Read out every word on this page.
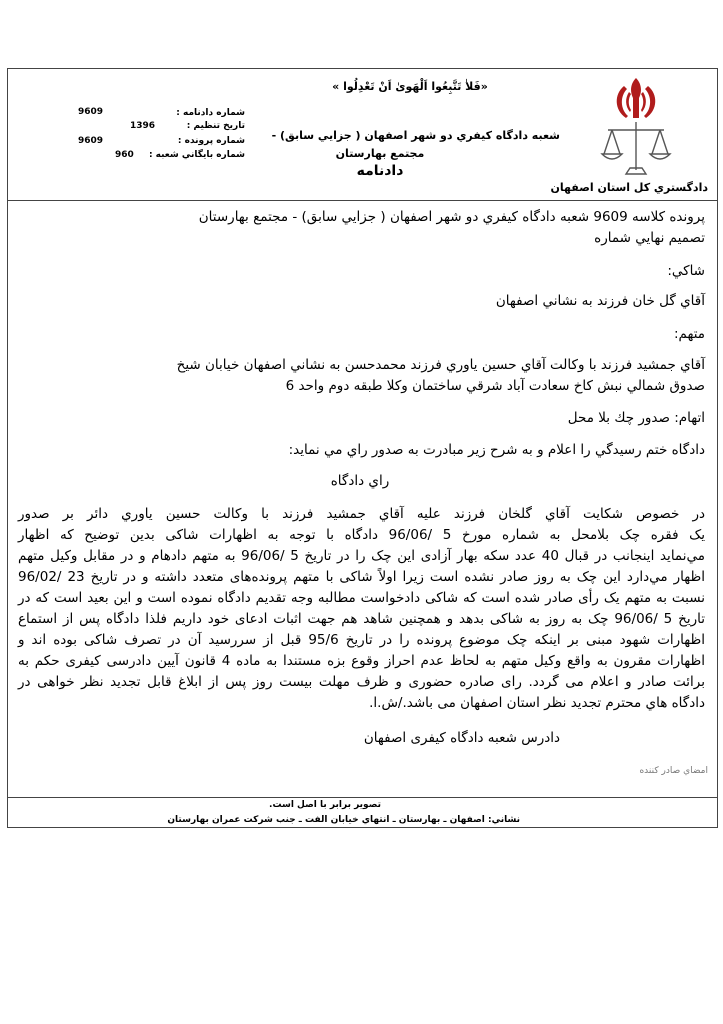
دادگستري كل استان اصفهان
«فَلاٰ تَتَّبِعُوا اَلْهَوىٰ اَنْ تَعْدِلُوا »
شعبه دادگاه كيفري دو شهر اصفهان ( جزايي سابق) -
مجتمع بهارستان
دادنامه
شماره دادنامه :
9609
تاريخ تنظيم :
1396
شماره پرونده :
9609
شماره بايگاني شعبه :
960
پرونده كلاسه 9609 شعبه دادگاه كيفري دو شهر اصفهان ( جزايي سابق) - مجتمع بهارستان
تصميم نهايي شماره
شاكي:
آقاي گل خان فرزند به نشاني اصفهان
متهم:
آقاي جمشيد فرزند با وكالت آقاي حسين ياوري فرزند محمدحسن به نشاني اصفهان خيابان شيخ
صدوق شمالي نبش كاخ سعادت آباد شرقي ساختمان وكلا طبقه دوم واحد 6
اتهام: صدور چك بلا محل
دادگاه ختم رسيدگي را اعلام و به شرح زير مبادرت به صدور راي مي نمايد:
راي دادگاه
در خصوص شكايت آقاي گلخان فرزند عليه آقاي جمشيد فرزند با وكالت حسين ياوري دائر بر صدور
يک فقره چک بلامحل به شماره مورخ 5 /96/06 دادگاه با توجه به اظهارات شاکی بدين توضيح که اظهار
مي‌نمايد اينجانب در قبال 40 عدد سکه بهار آزادی اين چک را در تاريخ 5 /96/06 به متهم دادهام و در مقابل وکيل متهم
اظهار مي‌دارد اين چک به روز صادر نشده است زيرا اولاً شاکی با متهم پرونده‌های متعدد داشته و در تاريخ 23 /96/02
نسبت به متهم يک رأی صادر شده است که شاکی دادخواست مطالبه وجه تقديم دادگاه نموده است و اين بعيد است که در
تاريخ 5 /96/06 چک به روز به شاکی بدهد و همچنين شاهد هم جهت اثبات ادعای خود داريم فلذا دادگاه پس از استماع
اظهارات شهود مبنی بر اينکه چک موضوع پرونده را در تاريخ 95/6 قبل از سررسيد آن در تصرف شاکی بوده اند و
اظهارات مقرون به واقع وکيل متهم به لحاظ عدم احراز وقوع بزه مستندا به ماده 4 قانون آيين دادرسی کيفری حکم به
برائت صادر و اعلام می گردد. رای صادره حضوری و ظرف مهلت بيست روز پس از ابلاغ قابل تجديد نظر خواهی در
دادگاه هاي محترم تجديد نظر استان اصفهان می باشد./ش.ا.
دادرس شعبه دادگاه كيفری اصفهان
امضاي صادر كننده
تصوير برابر با اصل است.
نشاني: اصفهان ـ بهارستان ـ انتهاي خيابان الفت ـ جنب شركت عمران بهارستان
